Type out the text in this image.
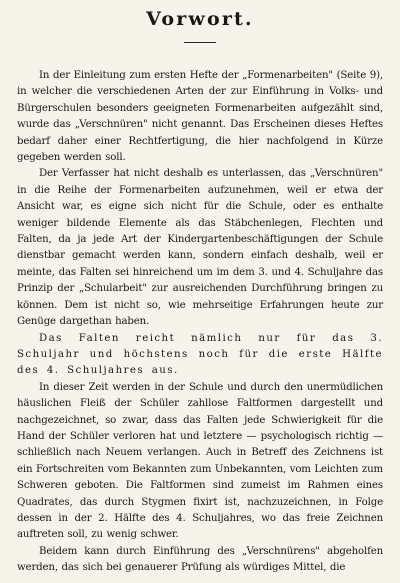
Vorwort.

In der Einleitung zum ersten Hefte der „Formenarbeiten" (Seite 9), in welcher die verschiedenen Arten der zur Einführung in Volks- und Bürgerschulen besonders geeigneten Formenarbeiten aufgezählt sind, wurde das „Verschnüren" nicht genannt. Das Erscheinen dieses Heftes bedarf daher einer Rechtfertigung, die hier nachfolgend in Kürze gegeben werden soll.

Der Verfasser hat nicht deshalb es unterlassen, das „Verschnüren" in die Reihe der Formenarbeiten aufzunehmen, weil er etwa der Ansicht war, es eigne sich nicht für die Schule, oder es enthalte weniger bildende Elemente als das Stäbchenlegen, Flechten und Falten, da ja jede Art der Kindergartenbeschäftigungen der Schule dienstbar gemacht werden kann, sondern einfach deshalb, weil er meinte, das Falten sei hinreichend um im dem 3. und 4. Schuljahre das Prinzip der „Schularbeit" zur ausreichenden Durchführung bringen zu können. Dem ist nicht so, wie mehrseitige Erfahrungen heute zur Genüge dargethan haben.

Das Falten reicht nämlich nur für das 3. Schuljahr und höchstens noch für die erste Hälfte des 4. Schuljahres aus.

In dieser Zeit werden in der Schule und durch den unermüdlichen häuslichen Fleiß der Schüler zahllose Faltformen dargestellt und nachgezeichnet, so zwar, dass das Falten jede Schwierigkeit für die Hand der Schüler verloren hat und letztere — psychologisch richtig — schließlich nach Neuem verlangen. Auch in Betreff des Zeichnens ist ein Fortschreiten vom Bekannten zum Unbekannten, vom Leichten zum Schweren geboten. Die Faltformen sind zumeist im Rahmen eines Quadrates, das durch Stygmen fixirt ist, nachzuzeichnen, in Folge dessen in der 2. Hälfte des 4. Schuljahres, wo das freie Zeichnen auftreten soll, zu wenig schwer.

Beidem kann durch Einführung des „Verschnürens" abgeholfen werden, das sich bei genauerer Prüfung als würdiges Mittel, die
